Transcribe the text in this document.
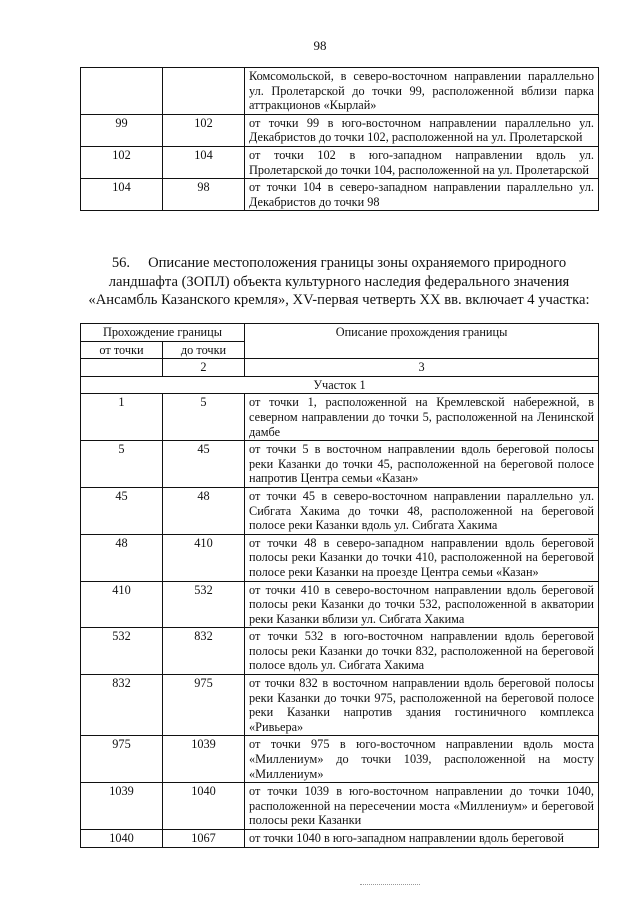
98
		Комсомольской, в северо-восточном направлении параллельно ул. Пролетарской до точки 99, расположенной вблизи парка аттракционов «Кырлай»
99	102	от точки 99 в юго-восточном направлении параллельно ул. Декабристов до точки 102, расположенной на ул. Пролетарской
102	104	от точки 102 в юго-западном направлении вдоль ул. Пролетарской до точки 104, расположенной на ул. Пролетарской
104	98	от точки 104 в северо-западном направлении параллельно ул. Декабристов до точки 98
56. Описание местоположения границы зоны охраняемого природного ландшафта (ЗОПЛ) объекта культурного наследия федерального значения «Ансамбль Казанского кремля», XV-первая четверть XX вв. включает 4 участка:
Прохождение границы		Описание прохождения границы
от точки	до точки	
	2	3
Участок 1		
1	5	от точки 1, расположенной на Кремлевской набережной, в северном направлении до точки 5, расположенной на Ленинской дамбе
5	45	от точки 5 в восточном направлении вдоль береговой полосы реки Казанки до точки 45, расположенной на береговой полосе напротив Центра семьи «Казан»
45	48	от точки 45 в северо-восточном направлении параллельно ул. Сибгата Хакима до точки 48, расположенной на береговой полосе реки Казанки вдоль ул. Сибгата Хакима
48	410	от точки 48 в северо-западном направлении вдоль береговой полосы реки Казанки до точки 410, расположенной на береговой полосе реки Казанки на проезде Центра семьи «Казан»
410	532	от точки 410 в северо-восточном направлении вдоль береговой полосы реки Казанки до точки 532, расположенной в акватории реки Казанки вблизи ул. Сибгата Хакима
532	832	от точки 532 в юго-восточном направлении вдоль береговой полосы реки Казанки до точки 832, расположенной на береговой полосе вдоль ул. Сибгата Хакима
832	975	от точки 832 в восточном направлении вдоль береговой полосы реки Казанки до точки 975, расположенной на береговой полосе реки Казанки напротив здания гостиничного комплекса «Ривьера»
975	1039	от точки 975 в юго-восточном направлении вдоль моста «Миллениум» до точки 1039, расположенной на мосту «Миллениум»
1039	1040	от точки 1039 в юго-восточном направлении до точки 1040, расположенной на пересечении моста «Миллениум» и береговой полосы реки Казанки
1040	1067	от точки 1040 в юго-западном направлении вдоль береговой
